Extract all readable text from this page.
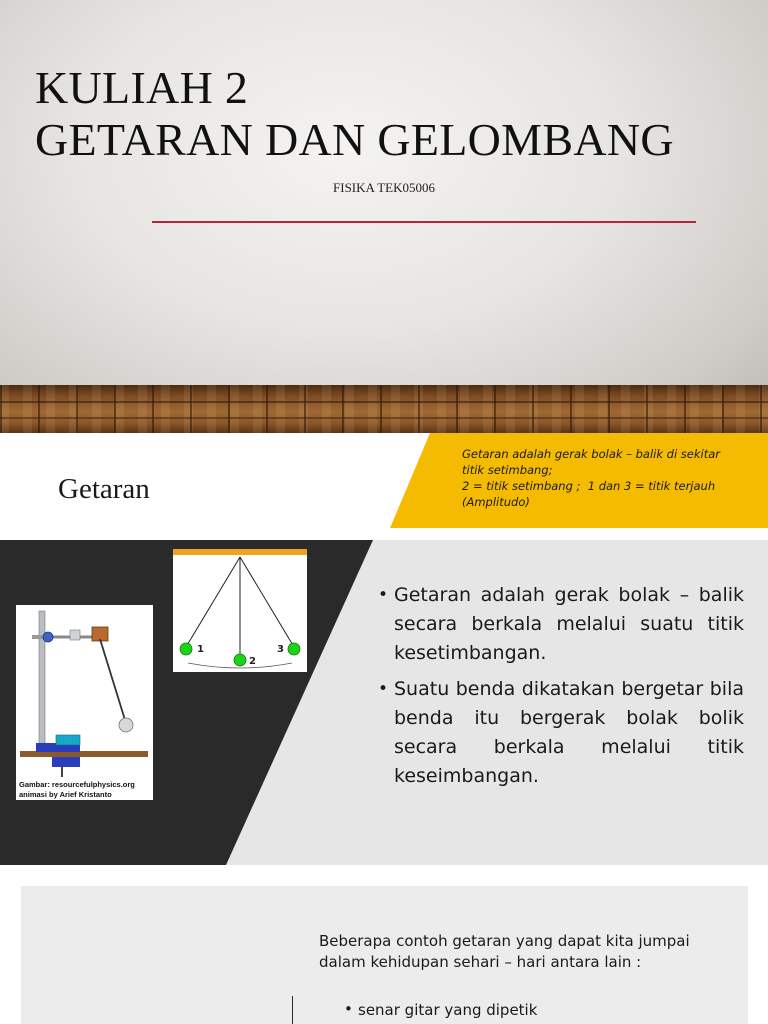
KULIAH 2
GETARAN DAN GELOMBANG
FISIKA TEK05006
Getaran adalah gerak bolak – balik di sekitar
titik setimbang;
2 = titik setimbang ;  1 dan 3 = titik terjauh
(Amplitudo)
Getaran
1
2
3
Gambar: resourcefulphysics.org
animasi by Arief Kristanto
• Getaran adalah gerak bolak – balik secara berkala melalui suatu titik kesetimbangan.
• Suatu benda dikatakan bergetar bila benda itu bergerak bolak bolik secara berkala melalui titik keseimbangan.
Beberapa contoh getaran yang dapat kita jumpai dalam kehidupan sehari – hari antara lain :
• senar gitar yang dipetik
